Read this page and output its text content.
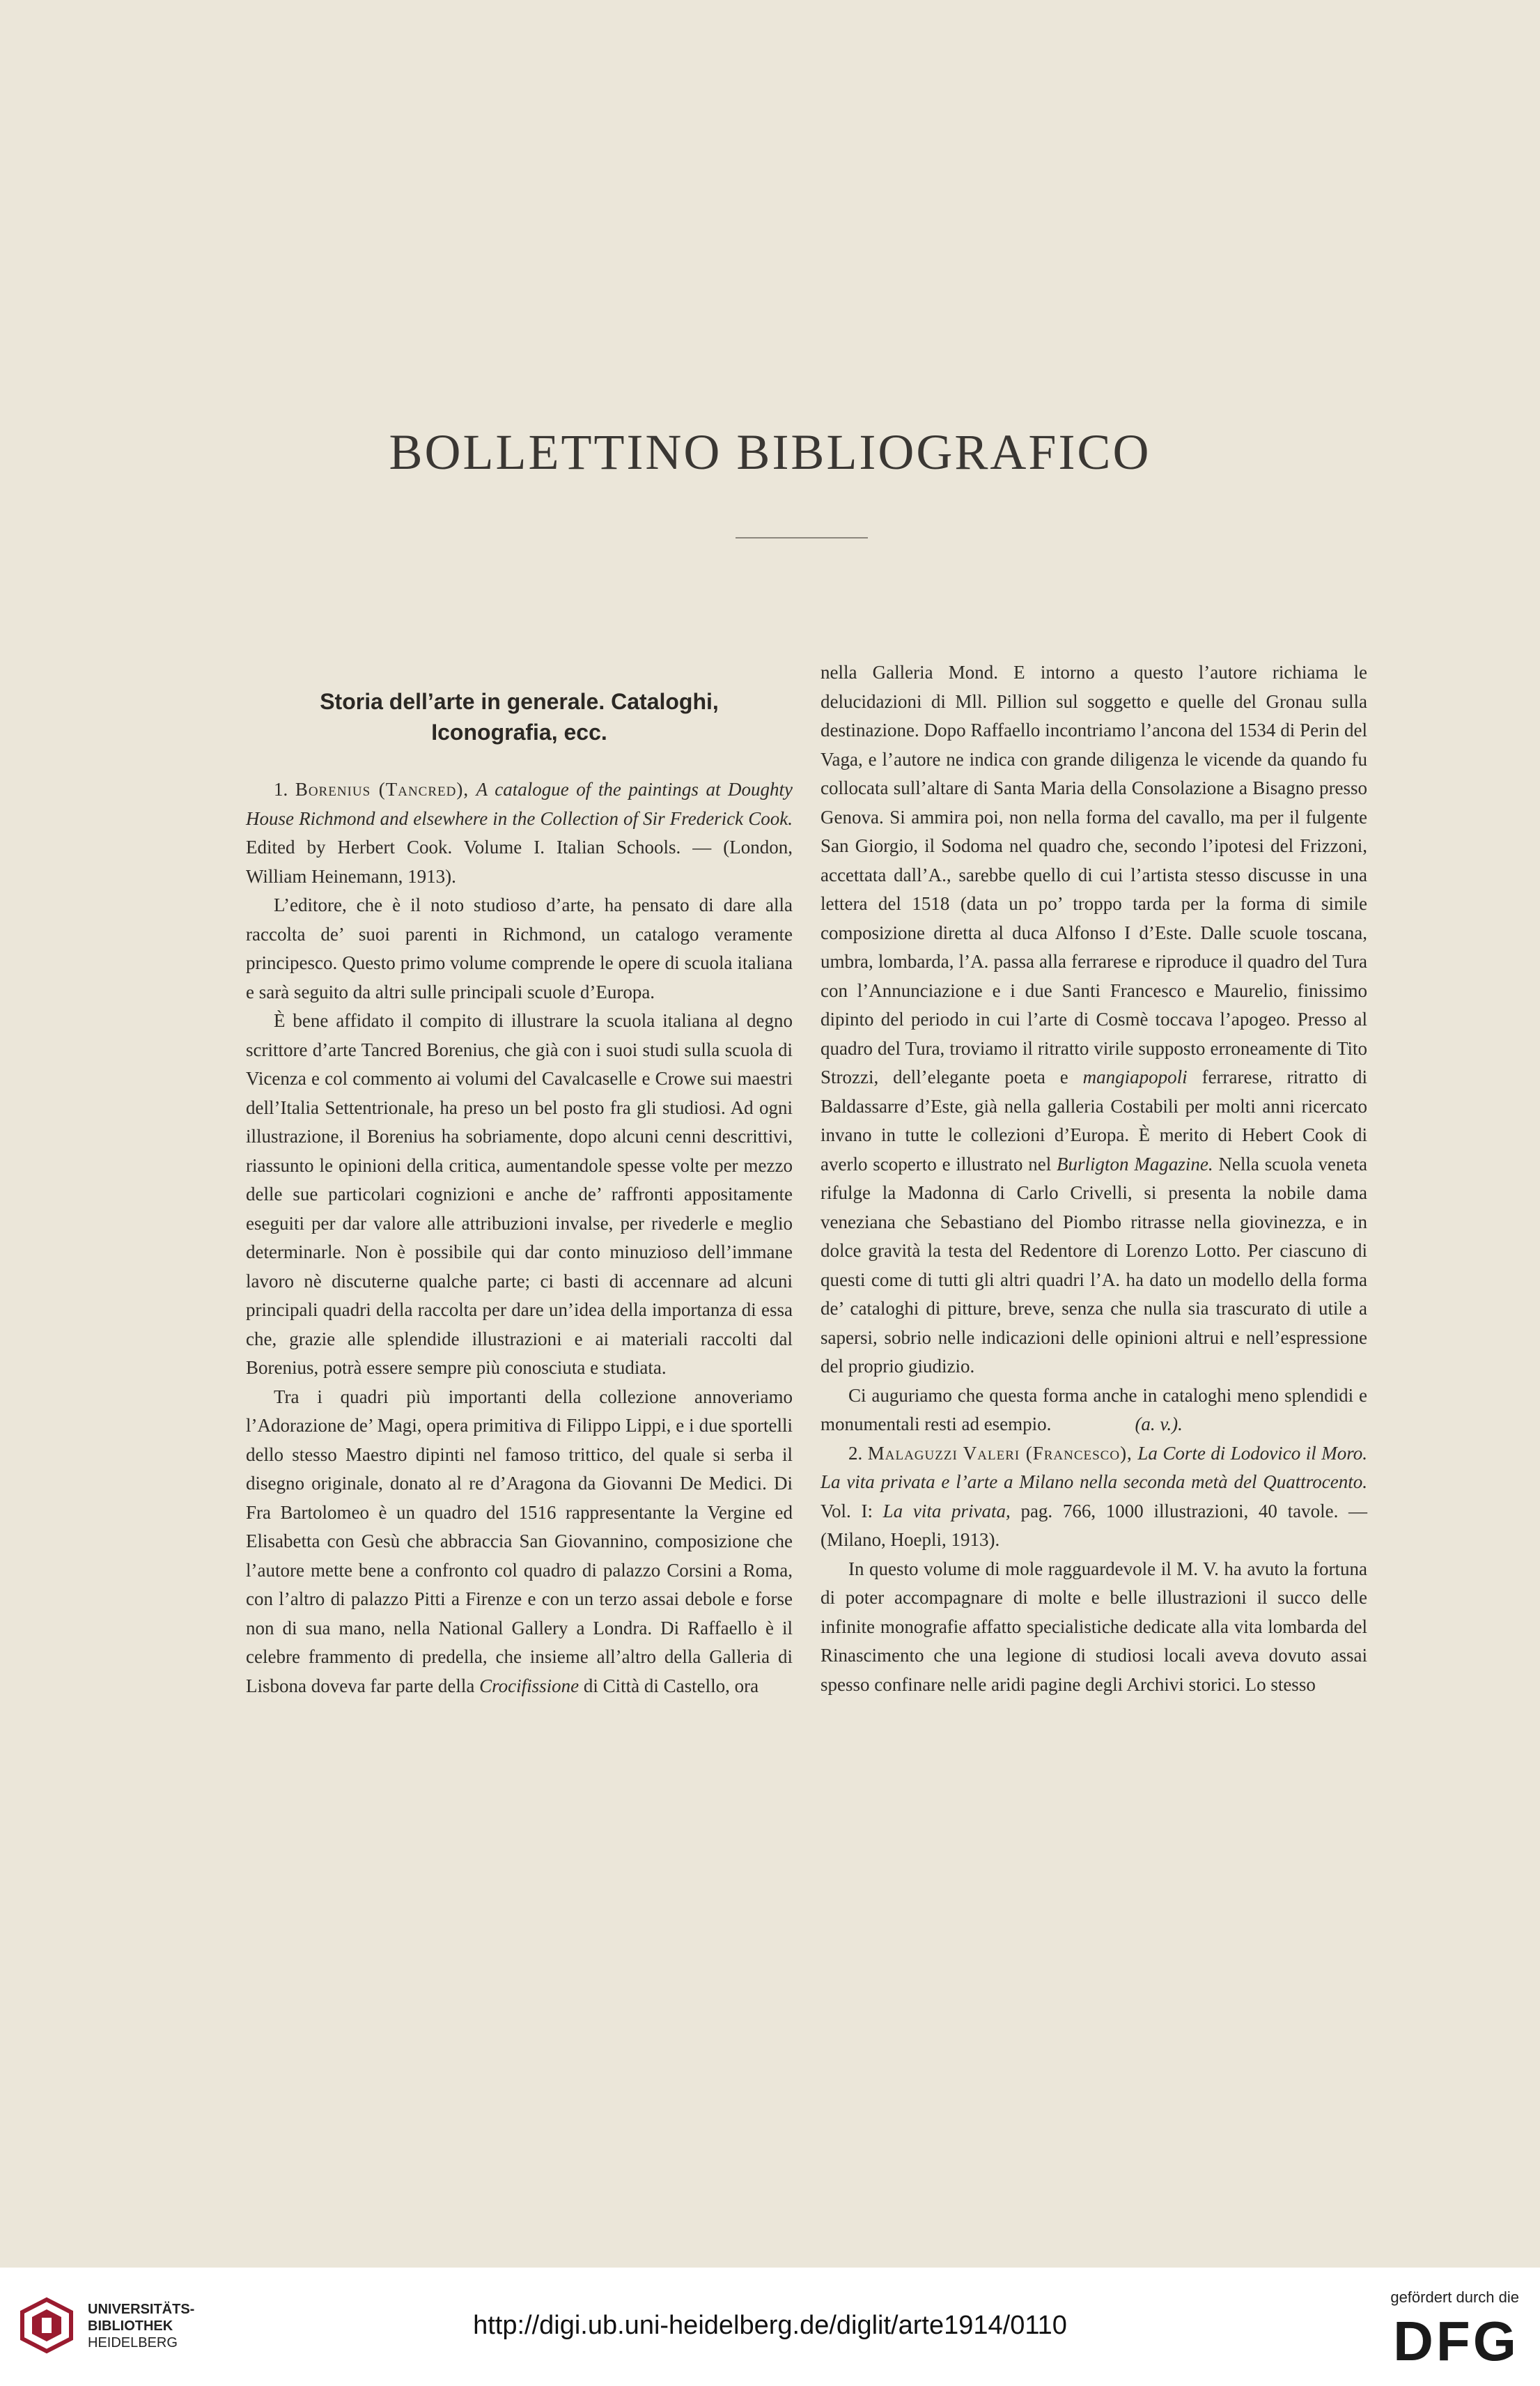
BOLLETTINO BIBLIOGRAFICO
Storia dell’arte in generale. Cataloghi,
Iconografia, ecc.

1. Borenius (Tancred), A catalogue of the paintings at Doughty House Richmond and elsewhere in the Collection of Sir Frederick Cook. Edited by Herbert Cook. Volume I. Italian Schools. — (London, William Heinemann, 1913).

L’editore, che è il noto studioso d’arte, ha pensato di dare alla raccolta de’ suoi parenti in Richmond, un catalogo veramente principesco. Questo primo volume comprende le opere di scuola italiana e sarà seguito da altri sulle principali scuole d’Europa.

È bene affidato il compito di illustrare la scuola italiana al degno scrittore d’arte Tancred Borenius, che già con i suoi studi sulla scuola di Vicenza e col commento ai volumi del Cavalcaselle e Crowe sui maestri dell’Italia Settentrionale, ha preso un bel posto fra gli studiosi. Ad ogni illustrazione, il Borenius ha sobriamente, dopo alcuni cenni descrittivi, riassunto le opinioni della critica, aumentandole spesse volte per mezzo delle sue particolari cognizioni e anche de’ raffronti appositamente eseguiti per dar valore alle attribuzioni invalse, per rivederle e meglio determinarle. Non è possibile qui dar conto minuzioso dell’immane lavoro nè discuterne qualche parte; ci basti di accennare ad alcuni principali quadri della raccolta per dare un’idea della importanza di essa che, grazie alle splendide illustrazioni e ai materiali raccolti dal Borenius, potrà essere sempre più conosciuta e studiata.

Tra i quadri più importanti della collezione annoveriamo l’Adorazione de’ Magi, opera primitiva di Filippo Lippi, e i due sportelli dello stesso Maestro dipinti nel famoso trittico, del quale si serba il disegno originale, donato al re d’Aragona da Giovanni De Medici. Di Fra Bartolomeo è un quadro del 1516 rappresentante la Vergine ed Elisabetta con Gesù che abbraccia San Giovannino, composizione che l’autore mette bene a confronto col quadro di palazzo Corsini a Roma, con l’altro di palazzo Pitti a Firenze e con un terzo assai debole e forse non di sua mano, nella National Gallery a Londra. Di Raffaello è il celebre frammento di predella, che insieme all’altro della Galleria di Lisbona doveva far parte della Crocifissione di Città di Castello, ora

nella Galleria Mond. E intorno a questo l’autore richiama le delucidazioni di Mll. Pillion sul soggetto e quelle del Gronau sulla destinazione. Dopo Raffaello incontriamo l’ancona del 1534 di Perin del Vaga, e l’autore ne indica con grande diligenza le vicende da quando fu collocata sull’altare di Santa Maria della Consolazione a Bisagno presso Genova. Si ammira poi, non nella forma del cavallo, ma per il fulgente San Giorgio, il Sodoma nel quadro che, secondo l’ipotesi del Frizzoni, accettata dall’A., sarebbe quello di cui l’artista stesso discusse in una lettera del 1518 (data un po’ troppo tarda per la forma di simile composizione diretta al duca Alfonso I d’Este. Dalle scuole toscana, umbra, lombarda, l’A. passa alla ferrarese e riproduce il quadro del Tura con l’Annunciazione e i due Santi Francesco e Maurelio, finissimo dipinto del periodo in cui l’arte di Cosmè toccava l’apogeo. Presso al quadro del Tura, troviamo il ritratto virile supposto erroneamente di Tito Strozzi, dell’elegante poeta e mangiapopoli ferrarese, ritratto di Baldassarre d’Este, già nella galleria Costabili per molti anni ricercato invano in tutte le collezioni d’Europa. È merito di Hebert Cook di averlo scoperto e illustrato nel Burligton Magazine. Nella scuola veneta rifulge la Madonna di Carlo Crivelli, si presenta la nobile dama veneziana che Sebastiano del Piombo ritrasse nella giovinezza, e in dolce gravità la testa del Redentore di Lorenzo Lotto. Per ciascuno di questi come di tutti gli altri quadri l’A. ha dato un modello della forma de’ cataloghi di pitture, breve, senza che nulla sia trascurato di utile a sapersi, sobrio nelle indicazioni delle opinioni altrui e nell’espressione del proprio giudizio.

Ci auguriamo che questa forma anche in cataloghi meno splendidi e monumentali resti ad esempio.	(a. v.).

2. Malaguzzi Valeri (Francesco), La Corte di Lodovico il Moro. La vita privata e l’arte a Milano nella seconda metà del Quattrocento. Vol. I: La vita privata, pag. 766, 1000 illustrazioni, 40 tavole. — (Milano, Hoepli, 1913).

In questo volume di mole ragguardevole il M. V. ha avuto la fortuna di poter accompagnare di molte e belle illustrazioni il succo delle infinite monografie affatto specialistiche dedicate alla vita lombarda del Rinascimento che una legione di studiosi locali aveva dovuto assai spesso confinare nelle aridi pagine degli Archivi storici. Lo stesso

UNIVERSITÄTS-
BIBLIOTHEK
HEIDELBERG
http://digi.ub.uni-heidelberg.de/diglit/arte1914/0110
gefördert durch die
DFG
